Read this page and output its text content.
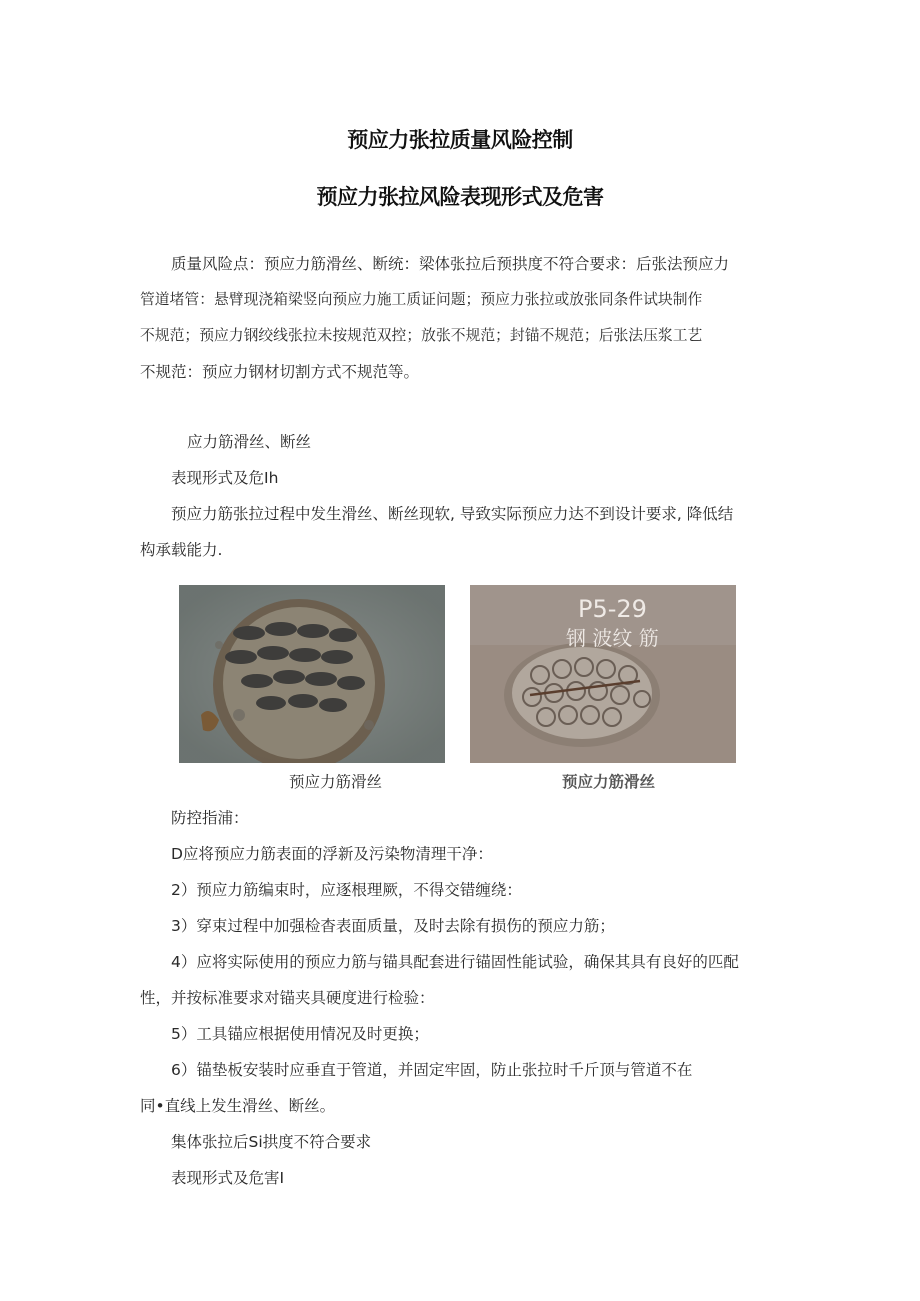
预应力张拉质量风险控制
预应力张拉风险表现形式及危害
质量风险点：预应力筋滑丝、断统：梁体张拉后预拱度不符合要求：后张法预应力
管道堵管：悬臂现浇箱梁竖向预应力施工质证问题；预应力张拉或放张同条件试块制作
不规范；预应力钢绞线张拉未按规范双控；放张不规范；封锚不规范；后张法压浆工艺
不规范：预应力钢材切割方式不规范等。
应力筋滑丝、断丝
表现形式及危Ih
预应力筋张拉过程中发生滑丝、断丝现软, 导致实际预应力达不到设计要求, 降低结
构承载能力.
预应力筋滑丝
P5-29
钢 波纹 筋
预应力筋滑丝
防控指浦：
D应将预应力筋表面的浮新及污染物清理干净：
2）预应力筋编束时，应逐根理厥，不得交错缠绕：
3）穿束过程中加强检杳表面质量，及时去除有损伤的预应力筋；
4）应将实际使用的预应力筋与锚具配套进行锚固性能试验，确保其具有良好的匹配
性，并按标准要求对锚夹具硬度进行检验：
5）工具锚应根据使用情况及时更换；
6）锚垫板安装时应垂直于管道，并固定牢固，防止张拉时千斤顶与管道不在
同•直线上发生滑丝、断丝。
集体张拉后Si拱度不符合要求
表现形式及危害I
